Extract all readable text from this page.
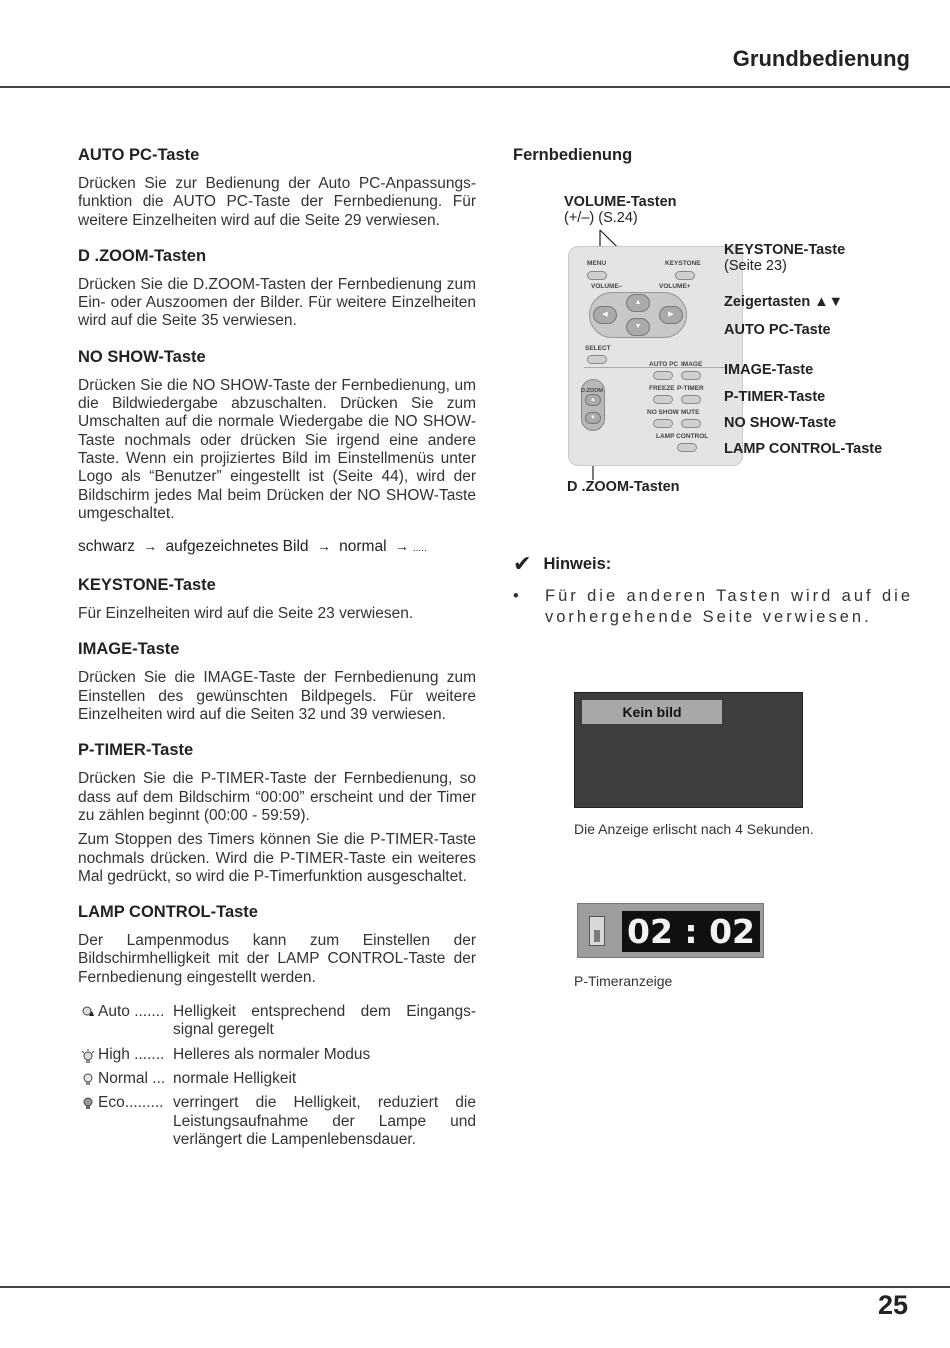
Grundbedienung
AUTO PC-Taste
Drücken Sie zur Bedienung der Auto PC-Anpassungs-funktion die AUTO PC-Taste der Fernbedienung. Für weitere Einzelheiten wird auf die Seite 29 verwiesen.
D .ZOOM-Tasten
Drücken Sie die D.ZOOM-Tasten der Fernbedienung zum Ein- oder Auszoomen der Bilder. Für weitere Einzelheiten wird auf die Seite 35 verwiesen.
NO SHOW-Taste
Drücken Sie die NO SHOW-Taste der Fernbedienung, um die Bildwiedergabe abzuschalten. Drücken Sie zum Umschalten auf die normale Wiedergabe die NO SHOW-Taste nochmals oder drücken Sie irgend eine andere Taste. Wenn ein projiziertes Bild im Einstellmenüs unter Logo als “Benutzer” eingestellt ist (Seite 44), wird der Bildschirm jedes Mal beim Drücken der NO SHOW-Taste umgeschaltet.
schwarz → aufgezeichnetes Bild → normal → .....
KEYSTONE-Taste
Für Einzelheiten wird auf die Seite 23 verwiesen.
IMAGE-Taste
Drücken Sie die IMAGE-Taste der Fernbedienung zum Einstellen des gewünschten Bildpegels. Für weitere Einzelheiten wird auf die Seiten 32 und 39 verwiesen.
P-TIMER-Taste
Drücken Sie die P-TIMER-Taste der Fernbedienung, so dass auf dem Bildschirm “00:00” erscheint und der Timer zu zählen beginnt (00:00 - 59:59).
Zum Stoppen des Timers können Sie die P-TIMER-Taste nochmals drücken. Wird die P-TIMER-Taste ein weiteres Mal gedrückt, so wird die P-Timerfunktion ausgeschaltet.
LAMP CONTROL-Taste
Der Lampenmodus kann zum Einstellen der Bildschirmhelligkeit mit der LAMP CONTROL-Taste der Fernbedienung eingestellt werden.
Auto ....... Helligkeit entsprechend dem Eingangs-signal geregelt
High ....... Helleres als normaler Modus
Normal ... normale Helligkeit
Eco......... verringert die Helligkeit, reduziert die Leistungsaufnahme der Lampe und verlängert die Lampenlebensdauer.
Fernbedienung
MENU	KEYSTONE
VOLUME–	VOLUME+
▲
◀	▶
▼
SELECT
D.ZOOM
▲
▼
AUTO PC IMAGE
FREEZE P-TIMER
NO SHOW MUTE
LAMP CONTROL
VOLUME-Tasten
(+/–) (S.24)
KEYSTONE-Taste
(Seite 23)
Zeigertasten ▲▼
AUTO PC-Taste
IMAGE-Taste
P-TIMER-Taste
NO SHOW-Taste
LAMP CONTROL-Taste
D .ZOOM-Tasten
✔ Hinweis:
•	Für die anderen Tasten wird auf die vorhergehende Seite verwiesen.
Kein bild
Die Anzeige erlischt nach 4 Sekunden.
02 : 02
P-Timeranzeige
25
